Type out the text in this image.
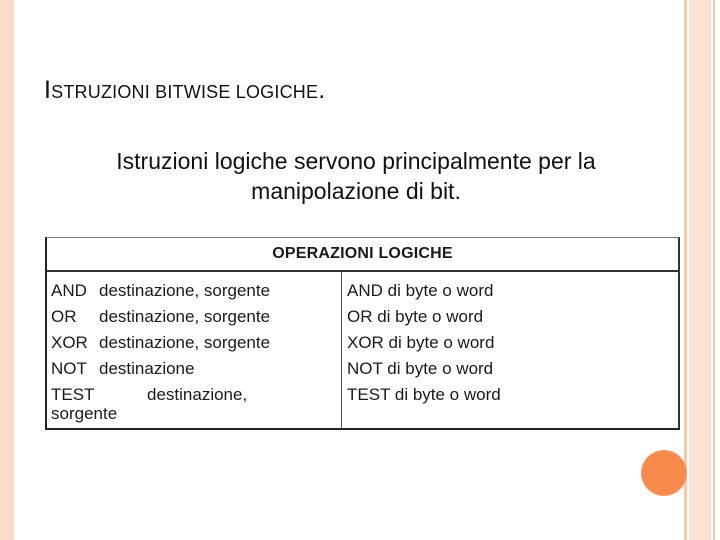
ISTRUZIONI BITWISE LOGICHE.
Istruzioni logiche servono principalmente per la
manipolazione di bit.
OPERAZIONI LOGICHE
AND destinazione, sorgente
OR	destinazione, sorgente
XOR destinazione, sorgente
NOT destinazione
TEST	destinazione,
sorgente
AND di byte o word
OR di byte o word
XOR di byte o word
NOT di byte o word
TEST di byte o word
